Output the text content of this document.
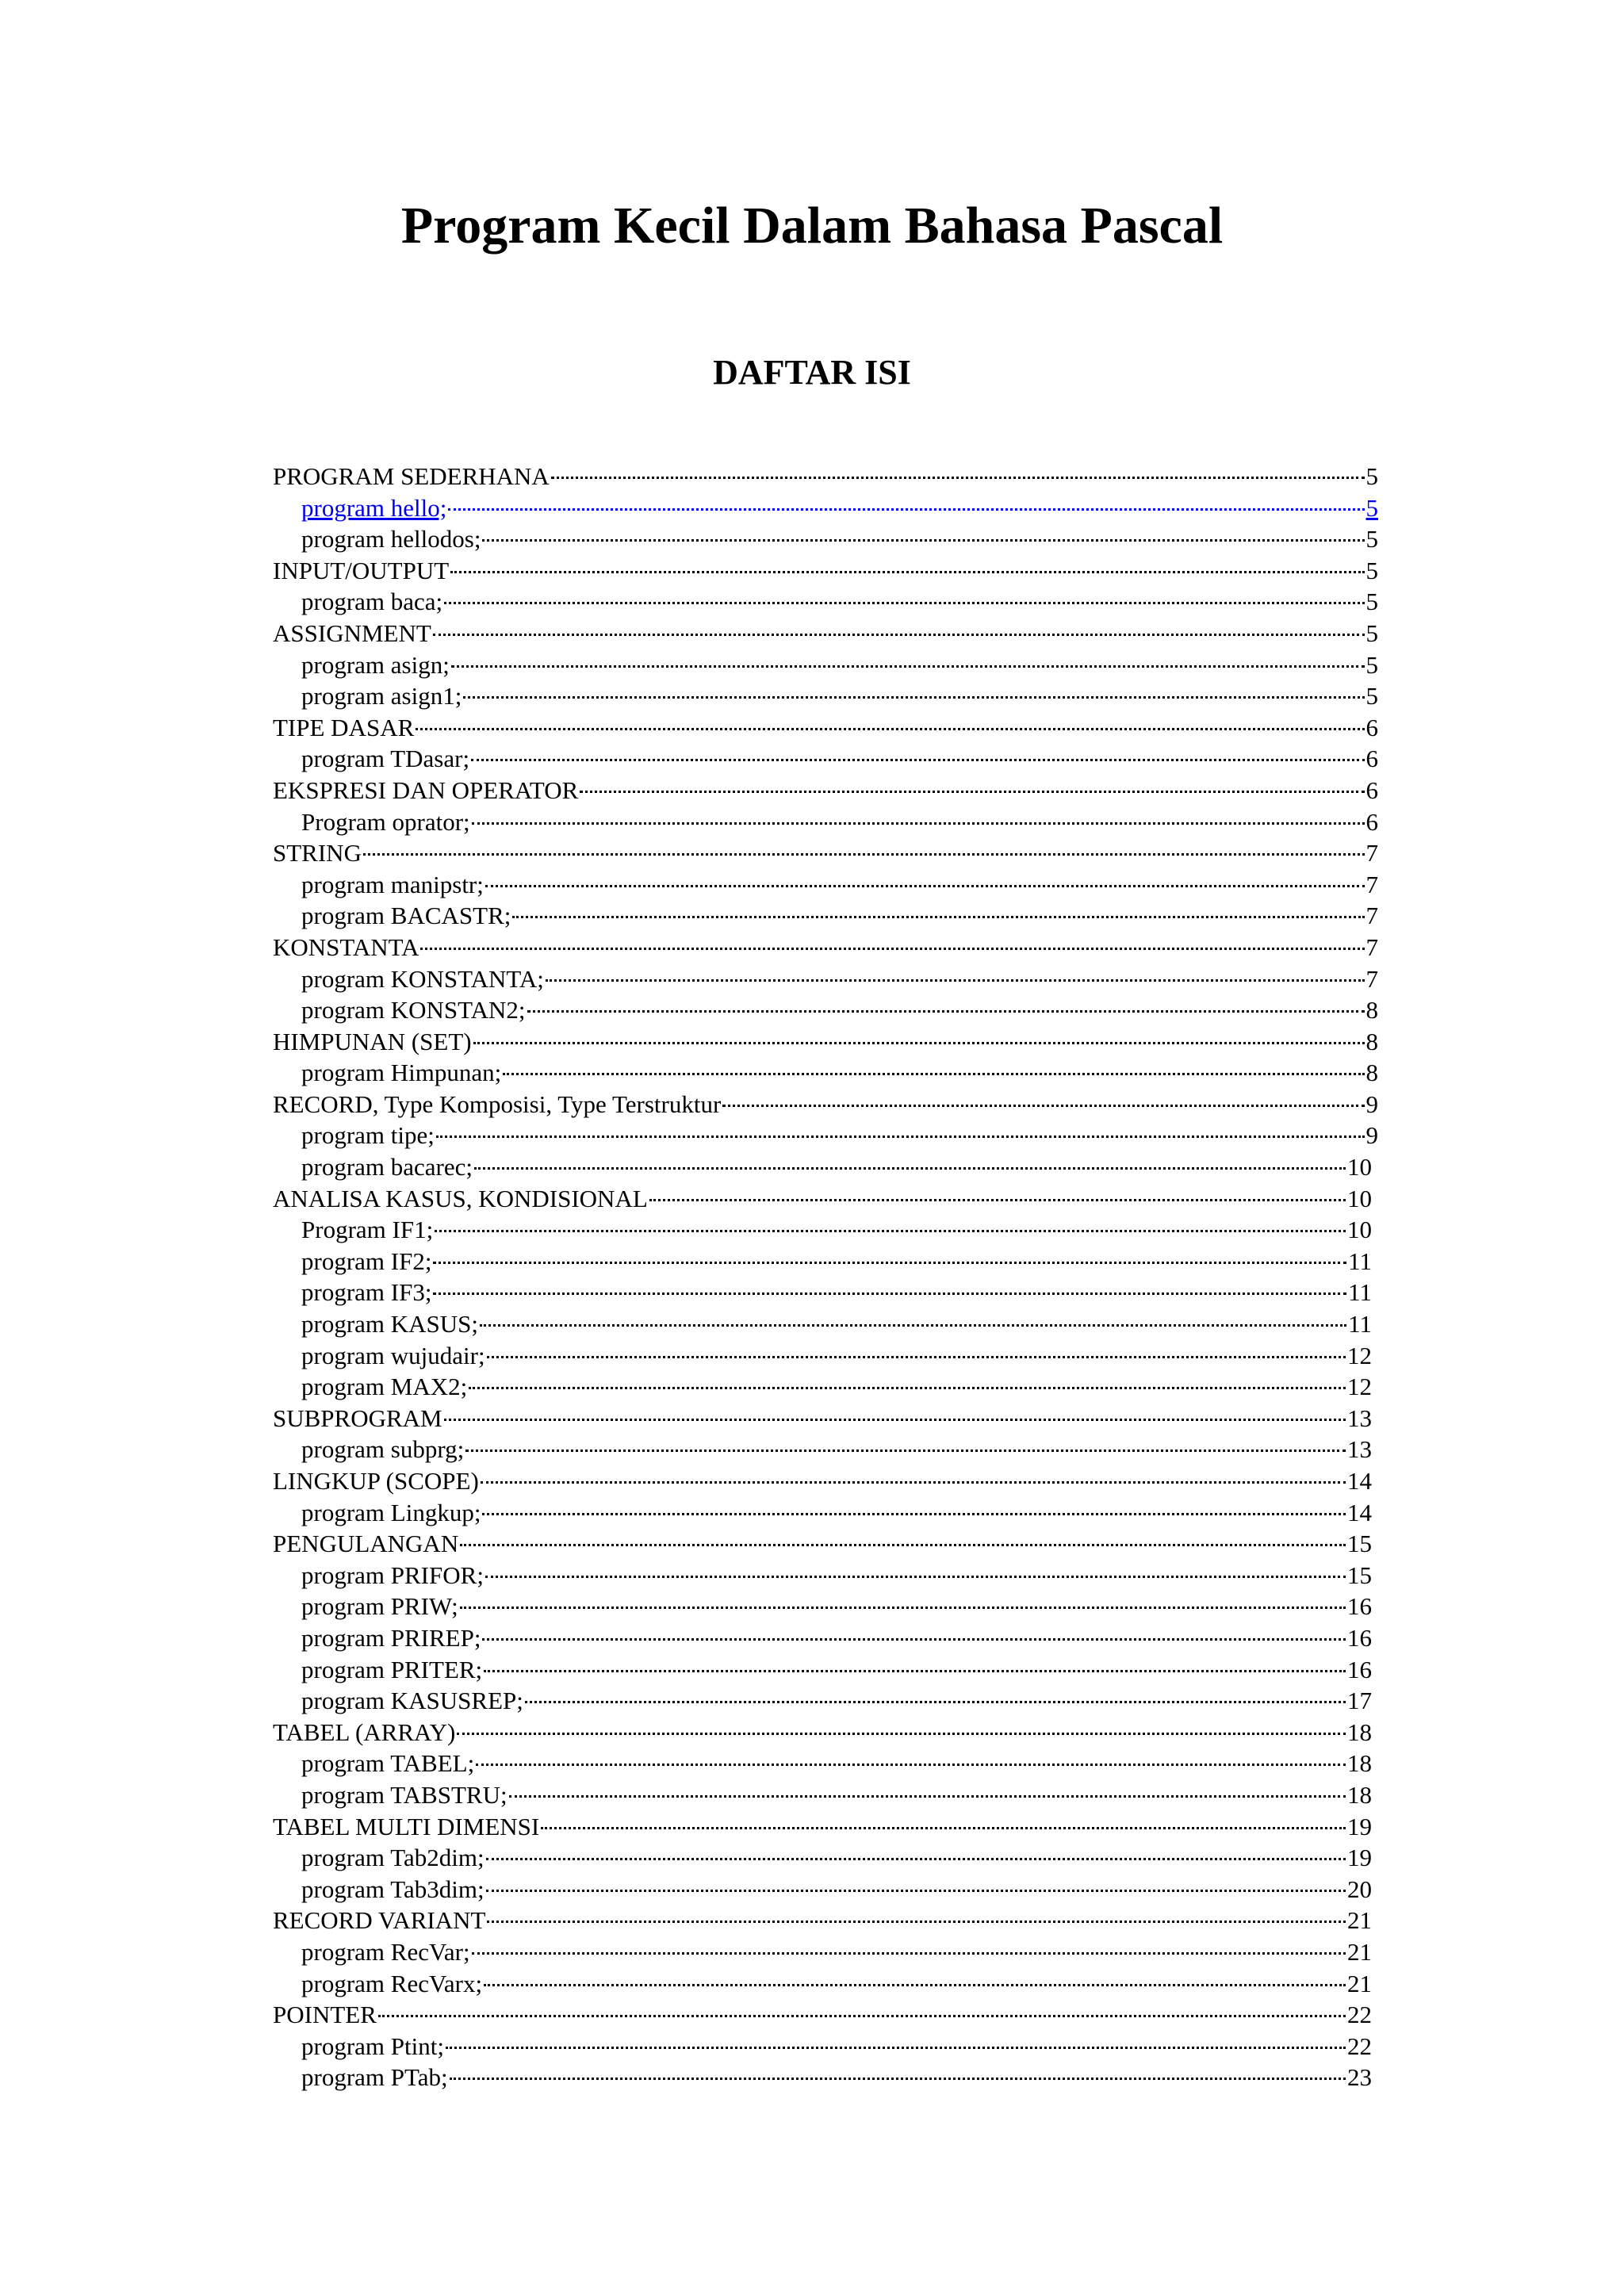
Program Kecil Dalam Bahasa Pascal
DAFTAR ISI
PROGRAM SEDERHANA	5
program hello;	5
program hellodos;	5
INPUT/OUTPUT	5
program baca;	5
ASSIGNMENT	5
program asign;	5
program asign1;	5
TIPE DASAR	6
program TDasar;	6
EKSPRESI DAN OPERATOR	6
Program oprator;	6
STRING	7
program manipstr;	7
program BACASTR;	7
KONSTANTA	7
program KONSTANTA;	7
program KONSTAN2;	8
HIMPUNAN (SET)	8
program Himpunan;	8
RECORD, Type Komposisi, Type Terstruktur	9
program tipe;	9
program bacarec;	10
ANALISA KASUS, KONDISIONAL	10
Program IF1;	10
program IF2;	11
program IF3;	11
program KASUS;	11
program wujudair;	12
program MAX2;	12
SUBPROGRAM	13
program subprg;	13
LINGKUP (SCOPE)	14
program Lingkup;	14
PENGULANGAN	15
program PRIFOR;	15
program PRIW;	16
program PRIREP;	16
program PRITER;	16
program KASUSREP;	17
TABEL (ARRAY)	18
program TABEL;	18
program TABSTRU;	18
TABEL MULTI DIMENSI	19
program Tab2dim;	19
program Tab3dim;	20
RECORD VARIANT	21
program RecVar;	21
program RecVarx;	21
POINTER	22
program Ptint;	22
program PTab;	23
